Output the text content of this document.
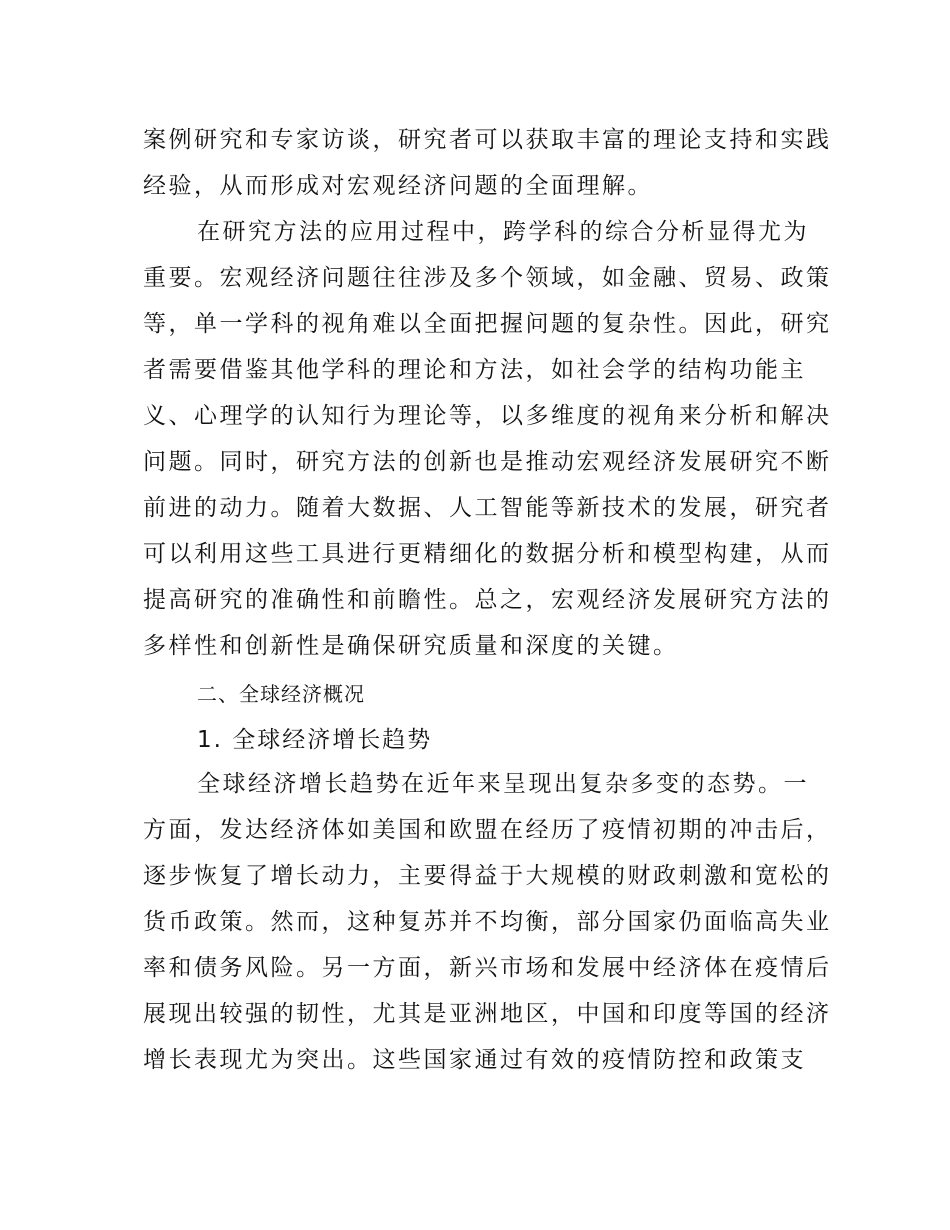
案例研究和专家访谈，研究者可以获取丰富的理论支持和实践
经验，从而形成对宏观经济问题的全面理解。
在研究方法的应用过程中，跨学科的综合分析显得尤为
重要。宏观经济问题往往涉及多个领域，如金融、贸易、政策
等，单一学科的视角难以全面把握问题的复杂性。因此，研究
者需要借鉴其他学科的理论和方法，如社会学的结构功能主
义、心理学的认知行为理论等，以多维度的视角来分析和解决
问题。同时，研究方法的创新也是推动宏观经济发展研究不断
前进的动力。随着大数据、人工智能等新技术的发展，研究者
可以利用这些工具进行更精细化的数据分析和模型构建，从而
提高研究的准确性和前瞻性。总之，宏观经济发展研究方法的
多样性和创新性是确保研究质量和深度的关键。
二、全球经济概况
1. 全球经济增长趋势
全球经济增长趋势在近年来呈现出复杂多变的态势。一
方面，发达经济体如美国和欧盟在经历了疫情初期的冲击后，
逐步恢复了增长动力，主要得益于大规模的财政刺激和宽松的
货币政策。然而，这种复苏并不均衡，部分国家仍面临高失业
率和债务风险。另一方面，新兴市场和发展中经济体在疫情后
展现出较强的韧性，尤其是亚洲地区，中国和印度等国的经济
增长表现尤为突出。这些国家通过有效的疫情防控和政策支
